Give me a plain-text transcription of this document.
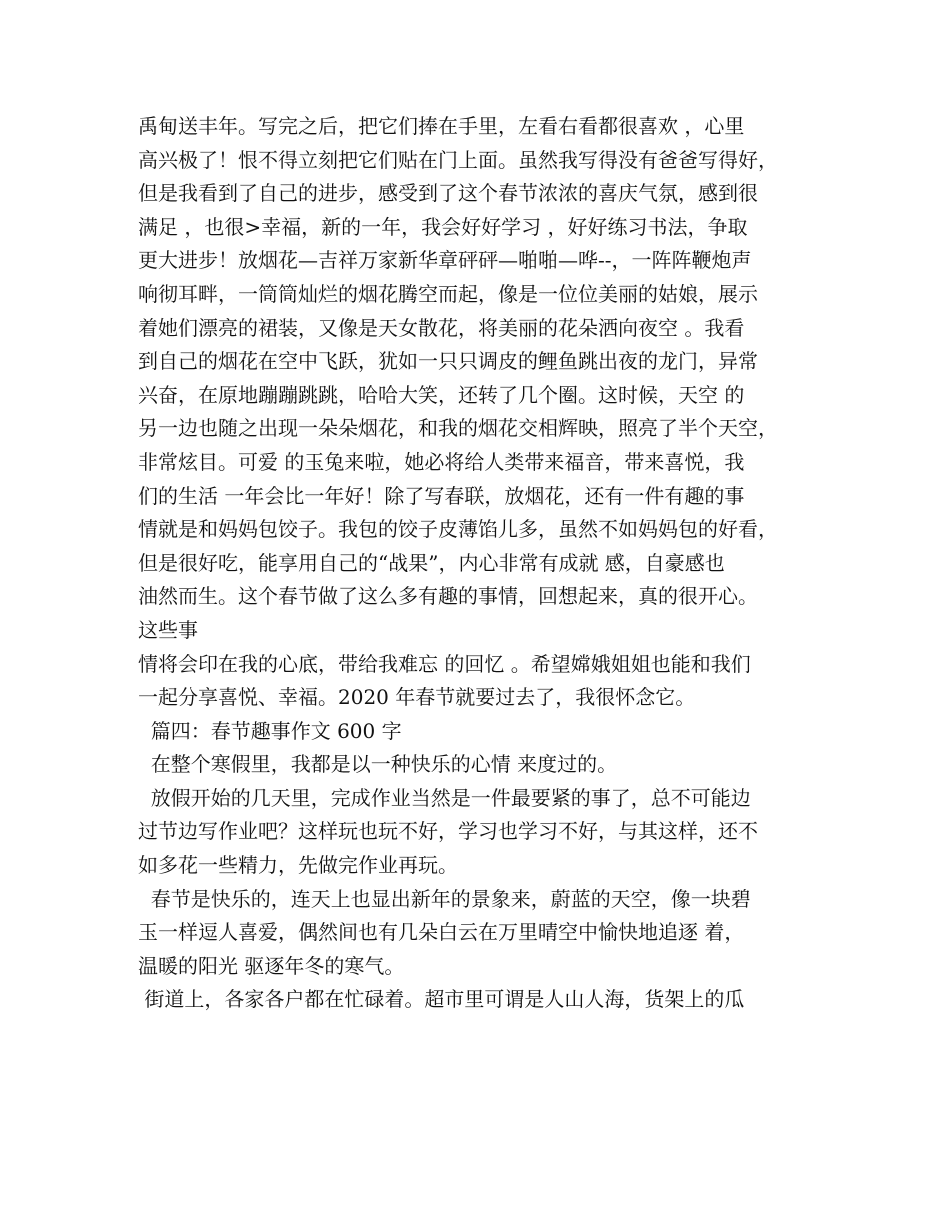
禹甸送丰年。写完之后，把它们捧在手里，左看右看都很喜欢 ，心里
高兴极了！恨不得立刻把它们贴在门上面。虽然我写得没有爸爸写得好，
但是我看到了自己的进步，感受到了这个春节浓浓的喜庆气氛，感到很
满足 ，也很>幸福，新的一年，我会好好学习 ，好好练习书法，争取
更大进步！放烟花—吉祥万家新华章砰砰—啪啪—哗--，一阵阵鞭炮声
响彻耳畔，一筒筒灿烂的烟花腾空而起，像是一位位美丽的姑娘，展示
着她们漂亮的裙装，又像是天女散花，将美丽的花朵洒向夜空 。我看
到自己的烟花在空中飞跃，犹如一只只调皮的鲤鱼跳出夜的龙门，异常
兴奋，在原地蹦蹦跳跳，哈哈大笑，还转了几个圈。这时候，天空 的
另一边也随之出现一朵朵烟花，和我的烟花交相辉映，照亮了半个天空，
非常炫目。可爱 的玉兔来啦，她必将给人类带来福音，带来喜悦，我
们的生活 一年会比一年好！除了写春联，放烟花，还有一件有趣的事
情就是和妈妈包饺子。我包的饺子皮薄馅儿多，虽然不如妈妈包的好看，
但是很好吃，能享用自己的“战果”，内心非常有成就 感，自豪感也
油然而生。这个春节做了这么多有趣的事情，回想起来，真的很开心。
这些事
情将会印在我的心底，带给我难忘 的回忆 。希望嫦娥姐姐也能和我们
一起分享喜悦、幸福。2020 年春节就要过去了，我很怀念它。
篇四：春节趣事作文 600 字
在整个寒假里，我都是以一种快乐的心情 来度过的。
放假开始的几天里，完成作业当然是一件最要紧的事了，总不可能边
过节边写作业吧？这样玩也玩不好，学习也学习不好，与其这样，还不
如多花一些精力，先做完作业再玩。
春节是快乐的，连天上也显出新年的景象来，蔚蓝的天空，像一块碧
玉一样逗人喜爱，偶然间也有几朵白云在万里晴空中愉快地追逐 着，
温暖的阳光 驱逐年冬的寒气。
街道上，各家各户都在忙碌着。超市里可谓是人山人海，货架上的瓜
